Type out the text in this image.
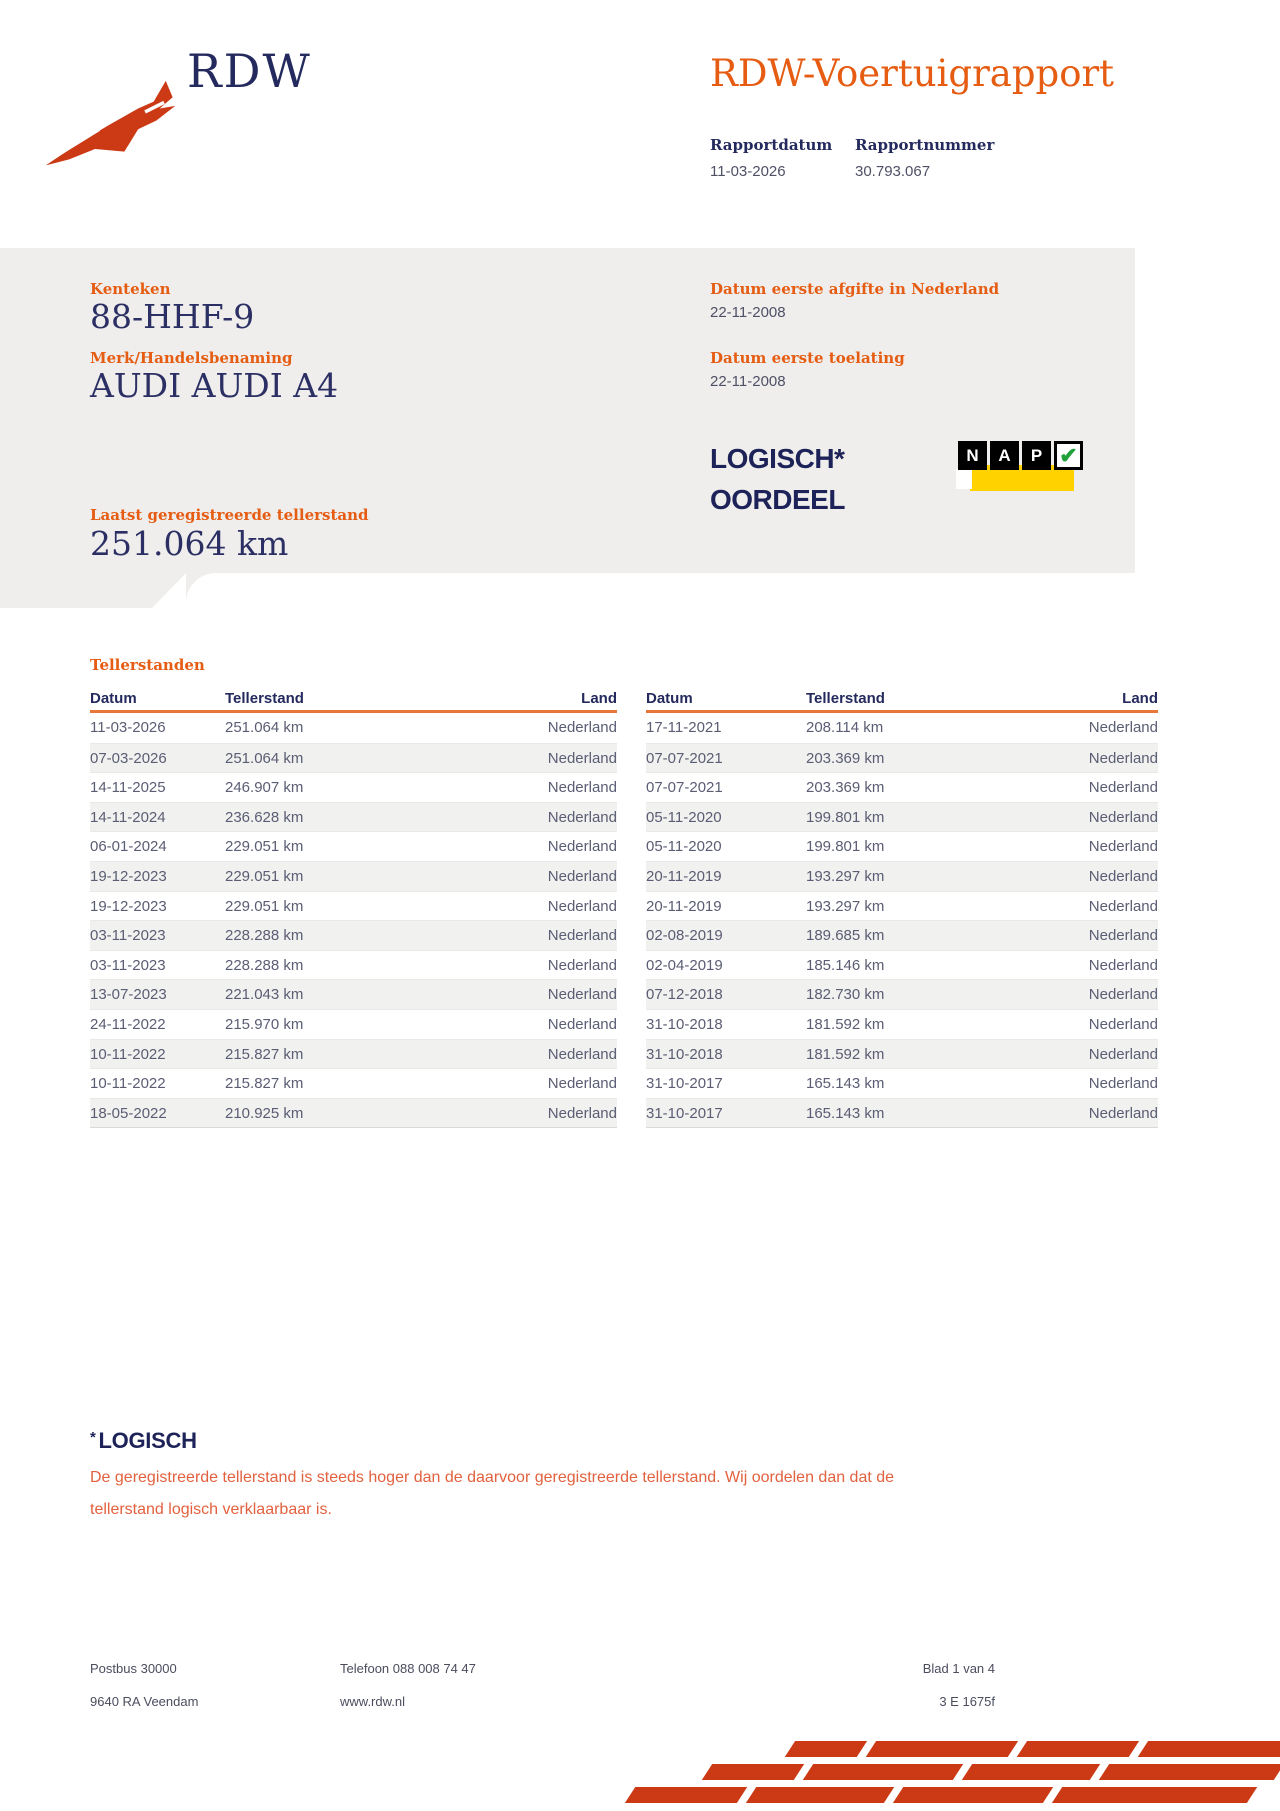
RDW	RDW-Voertuigrapport
Rapportdatum Rapportnummer
11-03-2026	30.793.067
Kenteken
88-HHF-9
Merk/Handelsbenaming
AUDI AUDI A4
Laatst geregistreerde tellerstand
251.064 km
Datum eerste afgifte in Nederland
22-11-2008
Datum eerste toelating
22-11-2008
LOGISCH*
OORDEEL
N	A	P ✔
Tellerstanden
Datum	Tellerstand	Land
11-03-2026	251.064 km	Nederland
07-03-2026	251.064 km	Nederland
14-11-2025	246.907 km	Nederland
14-11-2024	236.628 km	Nederland
06-01-2024	229.051 km	Nederland
19-12-2023	229.051 km	Nederland
19-12-2023	229.051 km	Nederland
03-11-2023	228.288 km	Nederland
03-11-2023	228.288 km	Nederland
13-07-2023	221.043 km	Nederland
24-11-2022	215.970 km	Nederland
10-11-2022	215.827 km	Nederland
10-11-2022	215.827 km	Nederland
18-05-2022	210.925 km	Nederland
Datum	Tellerstand	Land
17-11-2021	208.114 km	Nederland
07-07-2021	203.369 km	Nederland
07-07-2021	203.369 km	Nederland
05-11-2020	199.801 km	Nederland
05-11-2020	199.801 km	Nederland
20-11-2019	193.297 km	Nederland
20-11-2019	193.297 km	Nederland
02-08-2019	189.685 km	Nederland
02-04-2019	185.146 km	Nederland
07-12-2018	182.730 km	Nederland
31-10-2018	181.592 km	Nederland
31-10-2018	181.592 km	Nederland
31-10-2017	165.143 km	Nederland
31-10-2017	165.143 km	Nederland
* LOGISCH
De geregistreerde tellerstand is steeds hoger dan de daarvoor geregistreerde tellerstand. Wij oordelen dan dat de
tellerstand logisch verklaarbaar is.
Postbus 30000
9640 RA Veendam
Telefoon 088 008 74 47
www.rdw.nl
Blad 1 van 4
3 E 1675f
